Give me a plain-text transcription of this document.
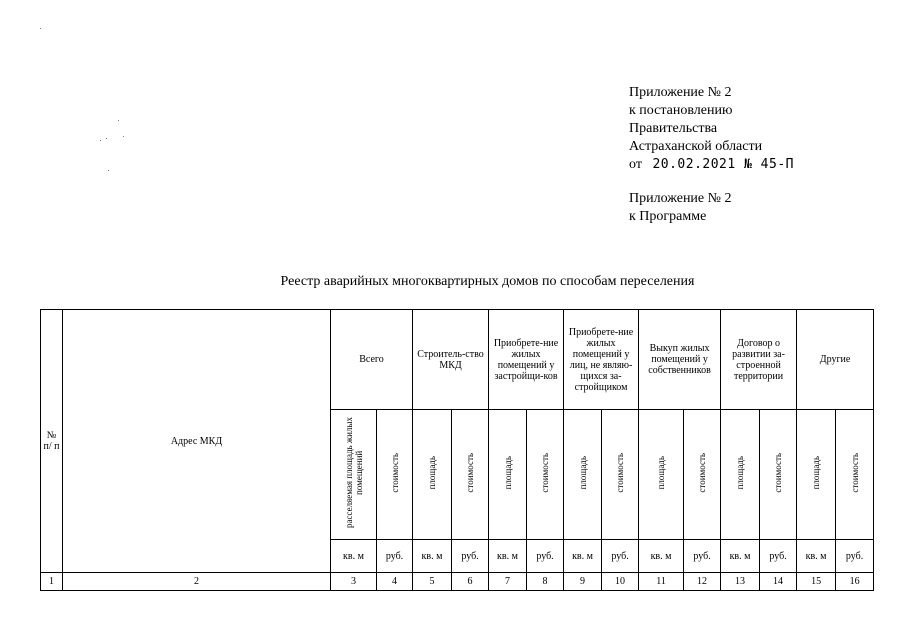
Приложение № 2
к постановлению
Правительства
Астраханской области
от 20.02.2021 № 45-П
Приложение № 2
к Программе
Реестр аварийных многоквартирных домов по способам переселения
№ п/ п	Адрес МКД	Всего		Строитель-ство МКД		Приобрете-ние жилых помещений у застройщи-ков		Приобрете-ние жилых помещений у лиц, не являю-щихся за-стройщиком		Выкуп жилых помещений у собственников		Договор о развитии за-строенной территории		Другие	
		расселяемая площадь жилых помещений	стоимость	площадь	стоимость	площадь	стоимость	площадь	стоимость	площадь	стоимость	площадь	стоимость	площадь	стоимость
		кв. м	руб.	кв. м	руб.	кв. м	руб.	кв. м	руб.	кв. м	руб.	кв. м	руб.	кв. м	руб.
1	2	3	4	5	6	7	8	9	10	11	12	13	14	15	16
